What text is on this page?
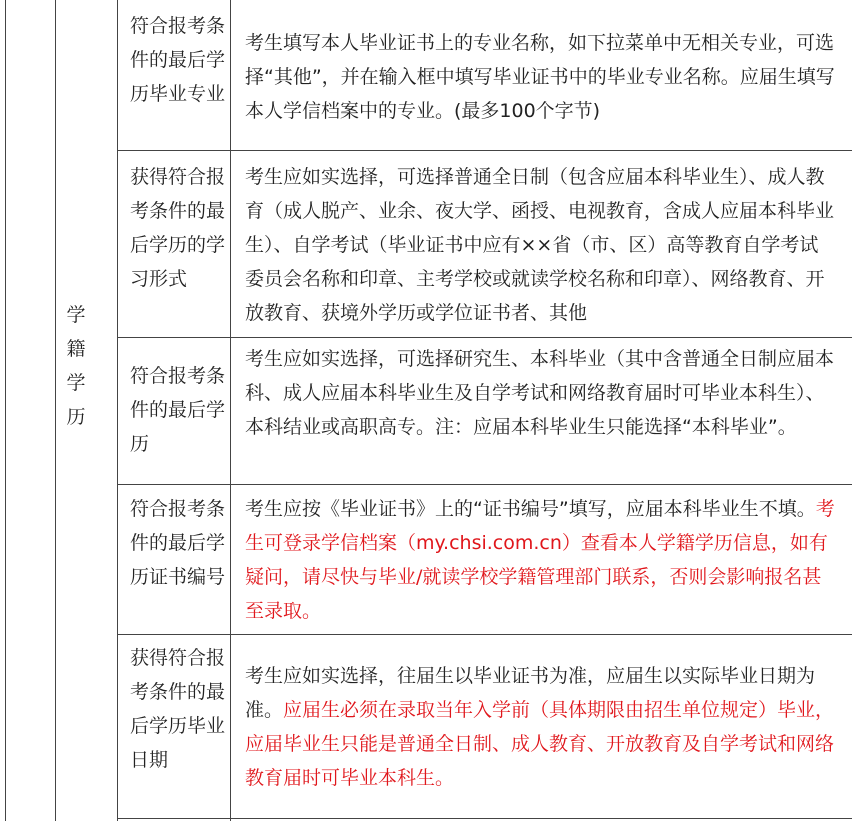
学
籍
学
历
符合报考条件的最后学历毕业专业
考生填写本人毕业证书上的专业名称，如下拉菜单中无相关专业，可选择“其他”，并在输入框中填写毕业证书中的毕业专业名称。应届生填写本人学信档案中的专业。(最多100个字节)
获得符合报考条件的最后学历的学习形式
考生应如实选择，可选择普通全日制（包含应届本科毕业生）、成人教育（成人脱产、业余、夜大学、函授、电视教育，含成人应届本科毕业生）、自学考试（毕业证书中应有××省（市、区）高等教育自学考试委员会名称和印章、主考学校或就读学校名称和印章）、网络教育、开放教育、获境外学历或学位证书者、其他
符合报考条件的最后学历
考生应如实选择，可选择研究生、本科毕业（其中含普通全日制应届本科、成人应届本科毕业生及自学考试和网络教育届时可毕业本科生）、本科结业或高职高专。注：应届本科毕业生只能选择“本科毕业”。
符合报考条件的最后学历证书编号
考生应按《毕业证书》上的“证书编号”填写，应届本科毕业生不填。考生可登录学信档案（my.chsi.com.cn）查看本人学籍学历信息，如有疑问，请尽快与毕业/就读学校学籍管理部门联系，否则会影响报名甚至录取。
获得符合报考条件的最后学历毕业日期
考生应如实选择，往届生以毕业证书为准，应届生以实际毕业日期为准。应届生必须在录取当年入学前（具体期限由招生单位规定）毕业，应届毕业生只能是普通全日制、成人教育、开放教育及自学考试和网络教育届时可毕业本科生。
